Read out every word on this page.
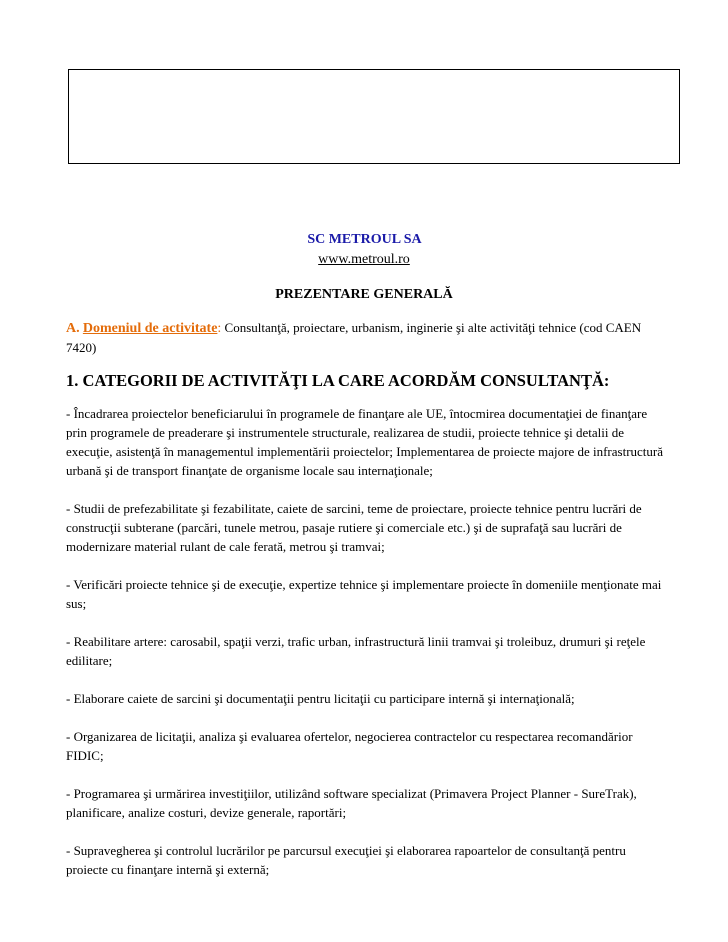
SC METROUL SA
www.metroul.ro
PREZENTARE GENERALĂ
A. Domeniul de activitate: Consultanţă, proiectare, urbanism, inginerie şi alte activităţi tehnice (cod CAEN 7420)
1. CATEGORII DE ACTIVITĂŢI LA CARE ACORDĂM CONSULTANŢĂ:
- Încadrarea proiectelor beneficiarului în programele de finanţare ale UE, întocmirea documentaţiei de finanţare prin programele de preaderare şi instrumentele structurale, realizarea de studii, proiecte tehnice şi detalii de execuţie, asistenţă în managementul implementării proiectelor; Implementarea de proiecte majore de infrastructură urbană şi de transport finanţate de organisme locale sau internaţionale;
- Studii de prefezabilitate şi fezabilitate, caiete de sarcini, teme de proiectare, proiecte tehnice pentru lucrări de construcţii subterane (parcări, tunele metrou, pasaje rutiere şi comerciale etc.) şi de suprafaţă sau lucrări de modernizare material rulant de cale ferată, metrou şi tramvai;
- Verificări proiecte tehnice şi de execuţie, expertize tehnice şi implementare proiecte în domeniile menţionate mai sus;
- Reabilitare artere: carosabil, spaţii verzi, trafic urban, infrastructură linii tramvai şi troleibuz, drumuri şi reţele edilitare;
- Elaborare caiete de sarcini şi documentaţii pentru licitaţii cu participare internă şi internaţională;
- Organizarea de licitaţii, analiza şi evaluarea ofertelor, negocierea contractelor cu respectarea recomandărior FIDIC;
- Programarea şi urmărirea investiţiilor, utilizând software specializat (Primavera Project Planner - SureTrak), planificare, analize costuri, devize generale, raportări;
- Supravegherea şi controlul lucrărilor pe parcursul execuţiei şi elaborarea rapoartelor de consultanţă pentru proiecte cu finanţare internă şi externă;
